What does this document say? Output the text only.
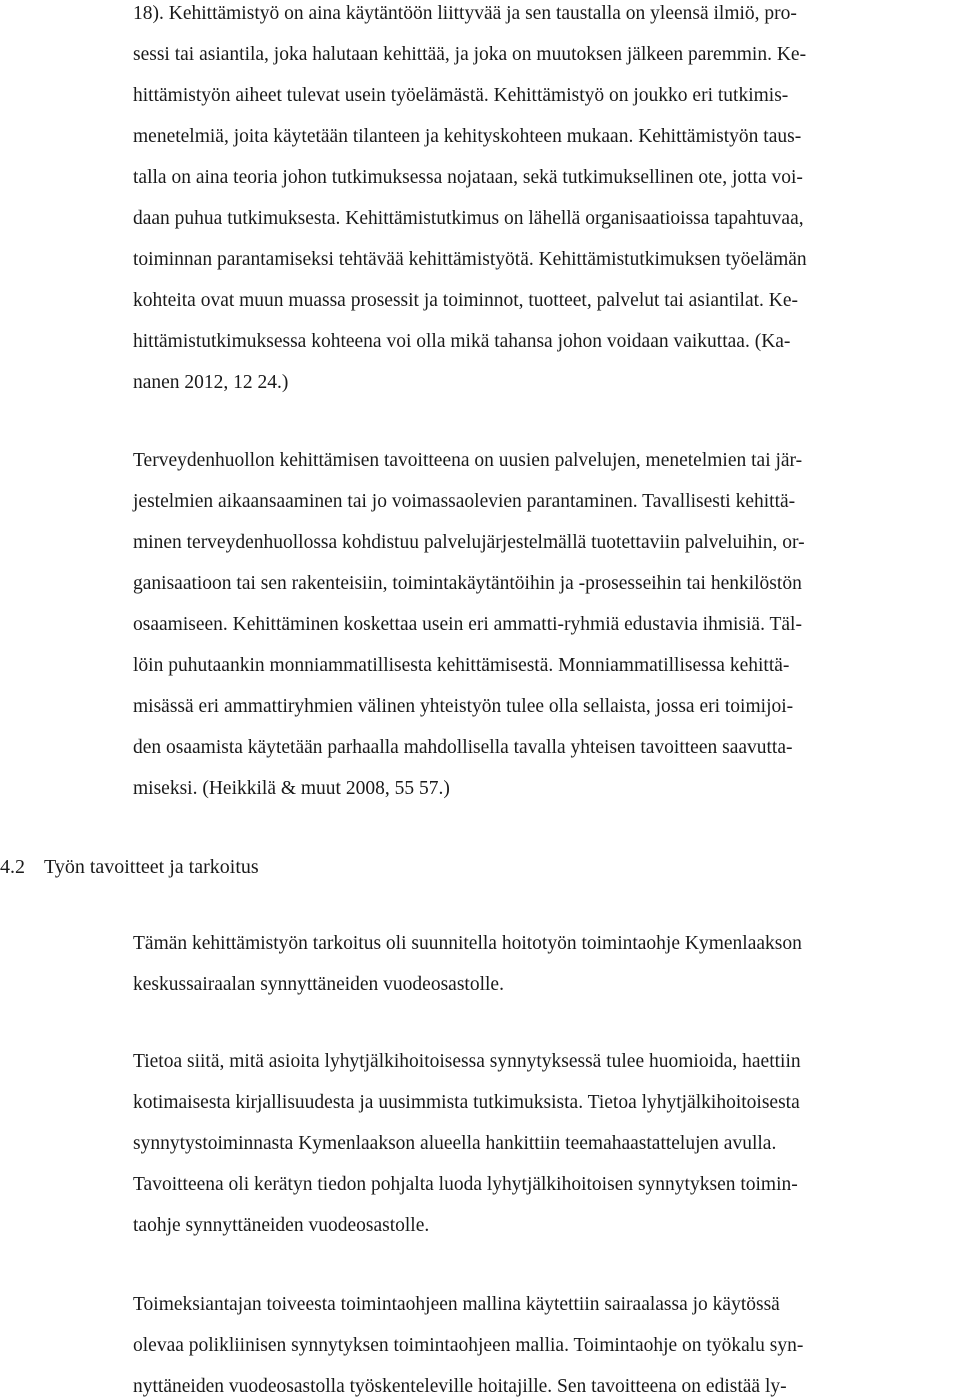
18). Kehittämistyö on aina käytäntöön liittyvää ja sen taustalla on yleensä ilmiö, pro-
sessi tai asiantila, joka halutaan kehittää, ja joka on muutoksen jälkeen paremmin. Ke-
hittämistyön aiheet tulevat usein työelämästä. Kehittämistyö on joukko eri tutkimis-
menetelmiä, joita käytetään tilanteen ja kehityskohteen mukaan. Kehittämistyön taus-
talla on aina teoria johon tutkimuksessa nojataan, sekä tutkimuksellinen ote, jotta voi-
daan puhua tutkimuksesta. Kehittämistutkimus on lähellä organisaatioissa tapahtuvaa,
toiminnan parantamiseksi tehtävää kehittämistyötä. Kehittämistutkimuksen työelämän
kohteita ovat muun muassa prosessit ja toiminnot, tuotteet, palvelut tai asiantilat. Ke-
hittämistutkimuksessa kohteena voi olla mikä tahansa johon voidaan vaikuttaa. (Ka-
nanen 2012, 12 24.)
Terveydenhuollon kehittämisen tavoitteena on uusien palvelujen, menetelmien tai jär-
jestelmien aikaansaaminen tai jo voimassaolevien parantaminen. Tavallisesti kehittä-
minen terveydenhuollossa kohdistuu palvelujärjestelmällä tuotettaviin palveluihin, or-
ganisaatioon tai sen rakenteisiin, toimintakäytäntöihin ja -prosesseihin tai henkilöstön
osaamiseen. Kehittäminen koskettaa usein eri ammatti-ryhmiä edustavia ihmisiä. Täl-
löin puhutaankin monniammatillisesta kehittämisestä. Monniammatillisessa kehittä-
misässä eri ammattiryhmien välinen yhteistyön tulee olla sellaista, jossa eri toimijoi-
den osaamista käytetään parhaalla mahdollisella tavalla yhteisen tavoitteen saavutta-
miseksi. (Heikkilä & muut 2008, 55 57.)
4.2 Työn tavoitteet ja tarkoitus
Tämän kehittämistyön tarkoitus oli suunnitella hoitotyön toimintaohje Kymenlaakson
keskussairaalan synnyttäneiden vuodeosastolle.
Tietoa siitä, mitä asioita lyhytjälkihoitoisessa synnytyksessä tulee huomioida, haettiin
kotimaisesta kirjallisuudesta ja uusimmista tutkimuksista. Tietoa lyhytjälkihoitoisesta
synnytystoiminnasta Kymenlaakson alueella hankittiin teemahaastattelujen avulla.
Tavoitteena oli kerätyn tiedon pohjalta luoda lyhytjälkihoitoisen synnytyksen toimin-
taohje synnyttäneiden vuodeosastolle.
Toimeksiantajan toiveesta toimintaohjeen mallina käytettiin sairaalassa jo käytössä
olevaa polikliinisen synnytyksen toimintaohjeen mallia. Toimintaohje on työkalu syn-
nyttäneiden vuodeosastolla työskenteleville hoitajille. Sen tavoitteena on edistää ly-
